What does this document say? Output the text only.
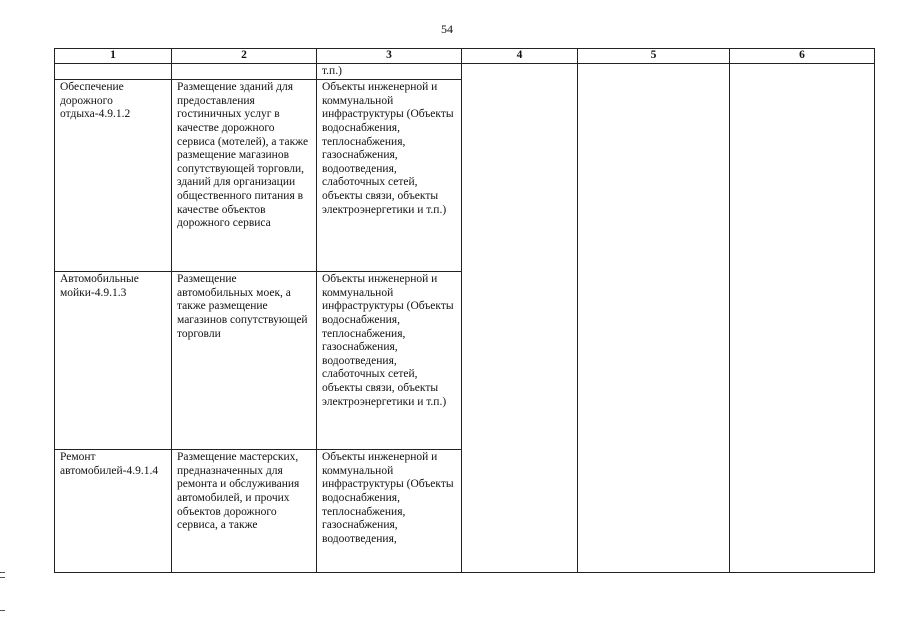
54
1	2	3	4	5	6
		т.п.)			
Обеспечение дорожного отдыха-4.9.1.2	Размещение зданий для предоставления гостиничных услуг в качестве дорожного сервиса (мотелей), а также размещение магазинов сопутствующей торговли, зданий для организации общественного питания в качестве объектов дорожного сервиса	Объекты инженерной и коммунальной инфраструктуры (Объекты водоснабжения, теплоснабжения, газоснабжения, водоотведения, слаботочных сетей, объекты связи, объекты электроэнергетики и т.п.)			
Автомобильные мойки-4.9.1.3	Размещение автомобильных моек, а также размещение магазинов сопутствующей торговли	Объекты инженерной и коммунальной инфраструктуры (Объекты водоснабжения, теплоснабжения, газоснабжения, водоотведения, слаботочных сетей, объекты связи, объекты электроэнергетики и т.п.)			
Ремонт автомобилей-4.9.1.4	Размещение мастерских, предназначенных для ремонта и обслуживания автомобилей, и прочих объектов дорожного сервиса, а также	Объекты инженерной и коммунальной инфраструктуры (Объекты водоснабжения, теплоснабжения, газоснабжения, водоотведения,			
